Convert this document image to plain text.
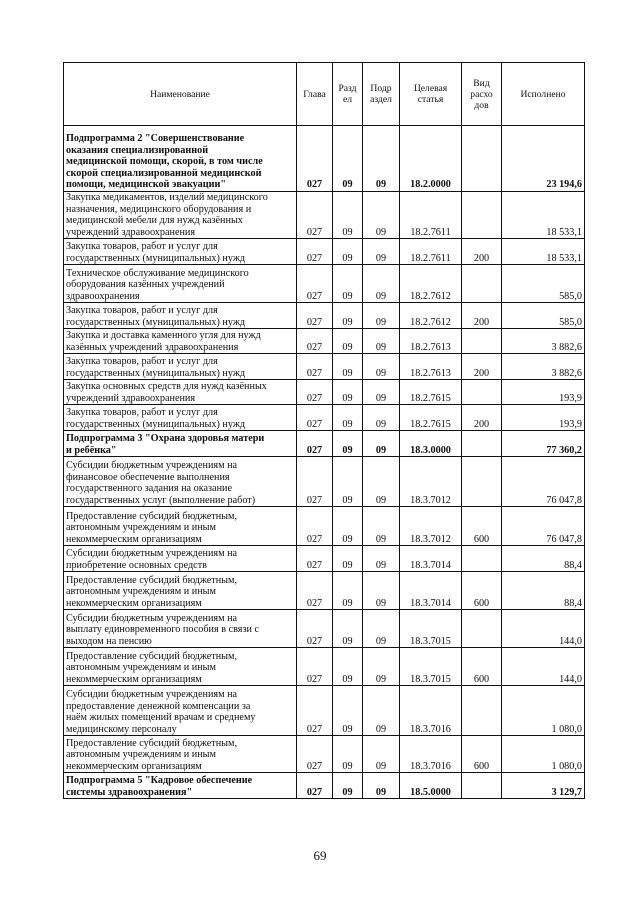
Наименование	Глава	Разд ел	Подр аздел	Целевая статья	Вид расхо дов	Исполнено
Подпрограмма 2 "Совершенствование
оказания специализированной
медицинской помощи, скорой, в том числе
скорой специализированной медицинской
помощи, медицинской эвакуации"	027	09	09	18.2.0000		23 194,6
Закупка медикаментов, изделий медицинского
назначения, медицинского оборудования и
медицинской мебели для нужд казённых
учреждений здравоохранения	027	09	09	18.2.7611		18 533,1
Закупка товаров, работ и услуг для
государственных (муниципальных) нужд	027	09	09	18.2.7611	200	18 533,1
Техническое обслуживание медицинского
оборудования казённых учреждений
здравоохранения	027	09	09	18.2.7612		585,0
Закупка товаров, работ и услуг для
государственных (муниципальных) нужд	027	09	09	18.2.7612	200	585,0
Закупка и доставка каменного угля для нужд
казённых учреждений здравоохранения	027	09	09	18.2.7613		3 882,6
Закупка товаров, работ и услуг для
государственных (муниципальных) нужд	027	09	09	18.2.7613	200	3 882,6
Закупка основных средств для нужд казённых
учреждений здравоохранения	027	09	09	18.2.7615		193,9
Закупка товаров, работ и услуг для
государственных (муниципальных) нужд	027	09	09	18.2.7615	200	193,9
Подпрограмма 3 "Охрана здоровья матери
и ребёнка"	027	09	09	18.3.0000		77 360,2
Субсидии бюджетным учреждениям на
финансовое обеспечение выполнения
государственного задания на оказание
государственных услуг (выполнение работ)	027	09	09	18.3.7012		76 047,8
Предоставление субсидий бюджетным,
автономным учреждениям и иным
некоммерческим организациям	027	09	09	18.3.7012	600	76 047,8
Субсидии бюджетным учреждениям на
приобретение основных средств	027	09	09	18.3.7014		88,4
Предоставление субсидий бюджетным,
автономным учреждениям и иным
некоммерческим организациям	027	09	09	18.3.7014	600	88,4
Субсидии бюджетным учреждениям на
выплату единовременного пособия в связи с
выходом на пенсию	027	09	09	18.3.7015		144,0
Предоставление субсидий бюджетным,
автономным учреждениям и иным
некоммерческим организациям	027	09	09	18.3.7015	600	144,0
Субсидии бюджетным учреждениям на
предоставление денежной компенсации за
наём жилых помещений врачам и среднему
медицинскому персоналу	027	09	09	18.3.7016		1 080,0
Предоставление субсидий бюджетным,
автономным учреждениям и иным
некоммерческим организациям	027	09	09	18.3.7016	600	1 080,0
Подпрограмма 5 "Кадровое обеспечение
системы здравоохранения"	027	09	09	18.5.0000		3 129,7
69
